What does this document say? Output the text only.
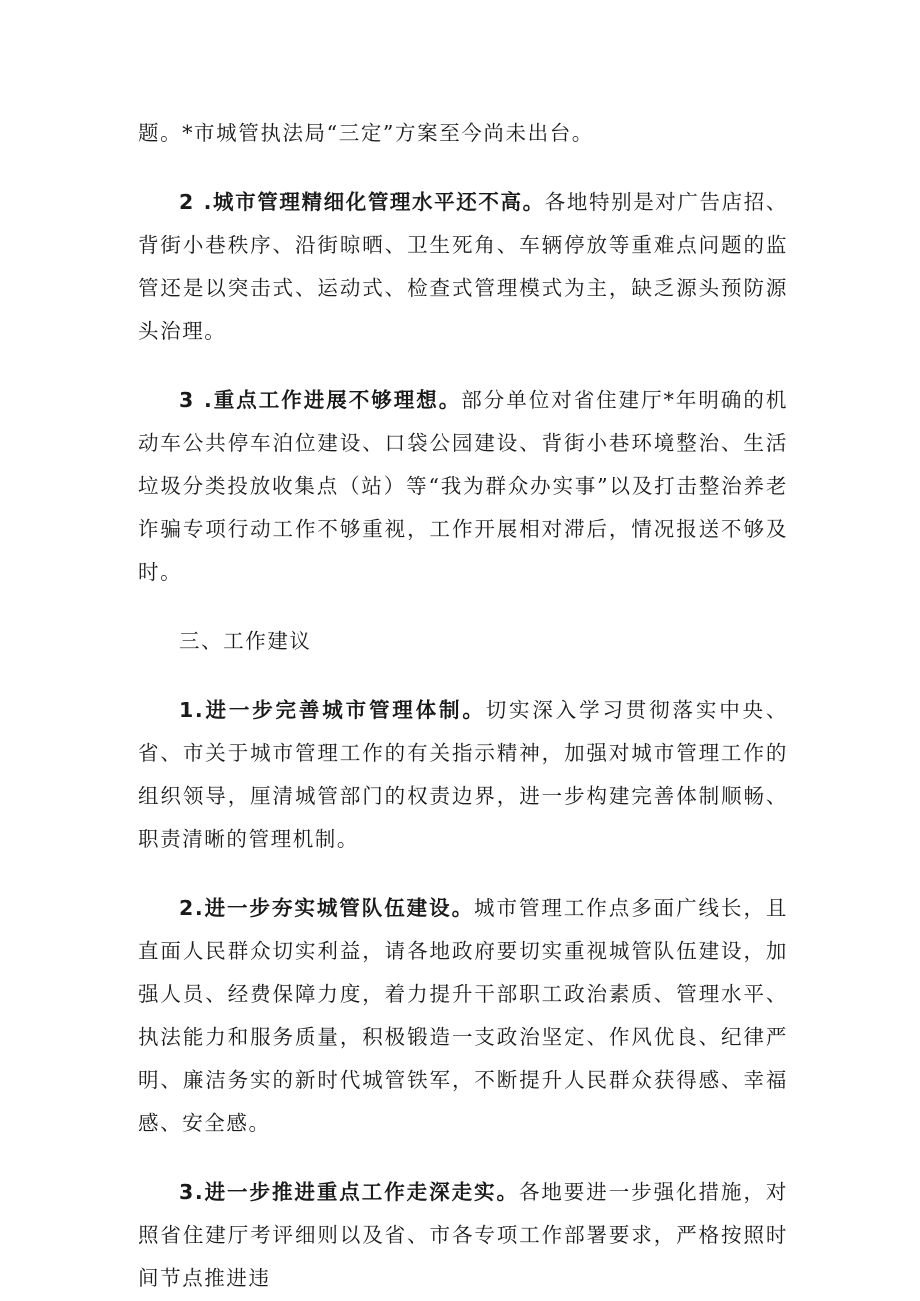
题。*市城管执法局“三定”方案至今尚未出台。

2 .城市管理精细化管理水平还不高。各地特别是对广告店招、背街小巷秩序、沿街晾晒、卫生死角、车辆停放等重难点问题的监管还是以突击式、运动式、检查式管理模式为主，缺乏源头预防源头治理。

3 .重点工作进展不够理想。部分单位对省住建厅*年明确的机动车公共停车泊位建设、口袋公园建设、背街小巷环境整治、生活垃圾分类投放收集点（站）等“我为群众办实事”以及打击整治养老诈骗专项行动工作不够重视，工作开展相对滞后，情况报送不够及时。

三、工作建议

1.进一步完善城市管理体制。切实深入学习贯彻落实中央、省、市关于城市管理工作的有关指示精神，加强对城市管理工作的组织领导，厘清城管部门的权责边界，进一步构建完善体制顺畅、职责清晰的管理机制。

2.进一步夯实城管队伍建设。城市管理工作点多面广线长，且直面人民群众切实利益，请各地政府要切实重视城管队伍建设，加强人员、经费保障力度，着力提升干部职工政治素质、管理水平、执法能力和服务质量，积极锻造一支政治坚定、作风优良、纪律严明、廉洁务实的新时代城管铁军，不断提升人民群众获得感、幸福感、安全感。

3.进一步推进重点工作走深走实。各地要进一步强化措施，对照省住建厅考评细则以及省、市各专项工作部署要求，严格按照时间节点推进违
